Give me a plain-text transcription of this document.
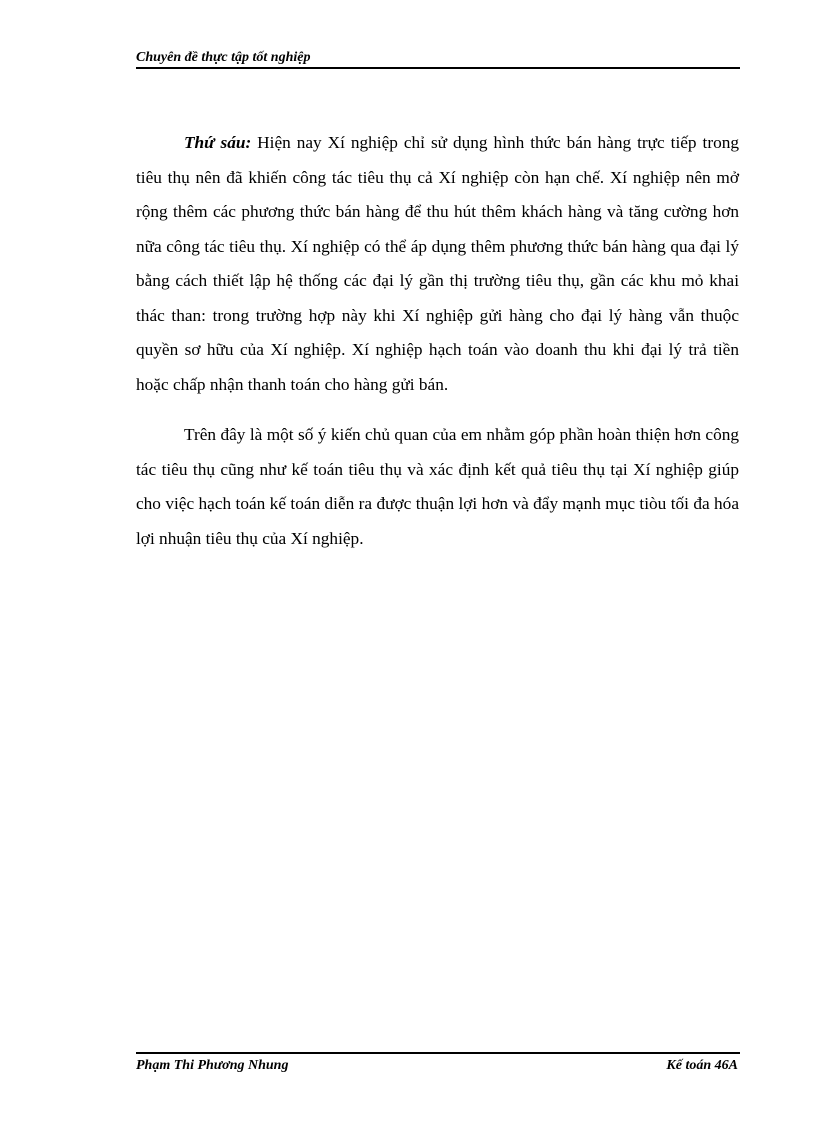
Chuyên đề thực tập tốt nghiệp

Thứ sáu: Hiện nay Xí nghiệp chỉ sử dụng hình thức bán hàng trực tiếp trong tiêu thụ nên đã khiến công tác tiêu thụ cả Xí nghiệp còn hạn chế. Xí nghiệp nên mở rộng thêm các phương thức bán hàng để thu hút thêm khách hàng và tăng cường hơn nữa công tác tiêu thụ. Xí nghiệp có thể áp dụng thêm phương thức bán hàng qua đại lý bằng cách thiết lập hệ thống các đại lý gần thị trường tiêu thụ, gần các khu mỏ khai thác than: trong trường hợp này khi Xí nghiệp gửi hàng cho đại lý hàng vẫn thuộc quyền sơ hữu của Xí nghiệp. Xí nghiệp hạch toán vào doanh thu khi đại lý trả tiền hoặc chấp nhận thanh toán cho hàng gửi bán.

Trên đây là một số ý kiến chủ quan của em nhằm góp phần hoàn thiện hơn công tác tiêu thụ cũng như kế toán tiêu thụ và xác định kết quả tiêu thụ tại Xí nghiệp giúp cho việc hạch toán kế toán diễn ra được thuận lợi hơn và đẩy mạnh mục tiòu tối đa hóa lợi nhuận tiêu thụ của Xí nghiệp.

Phạm Thi Phương Nhung	Kế toán 46A
